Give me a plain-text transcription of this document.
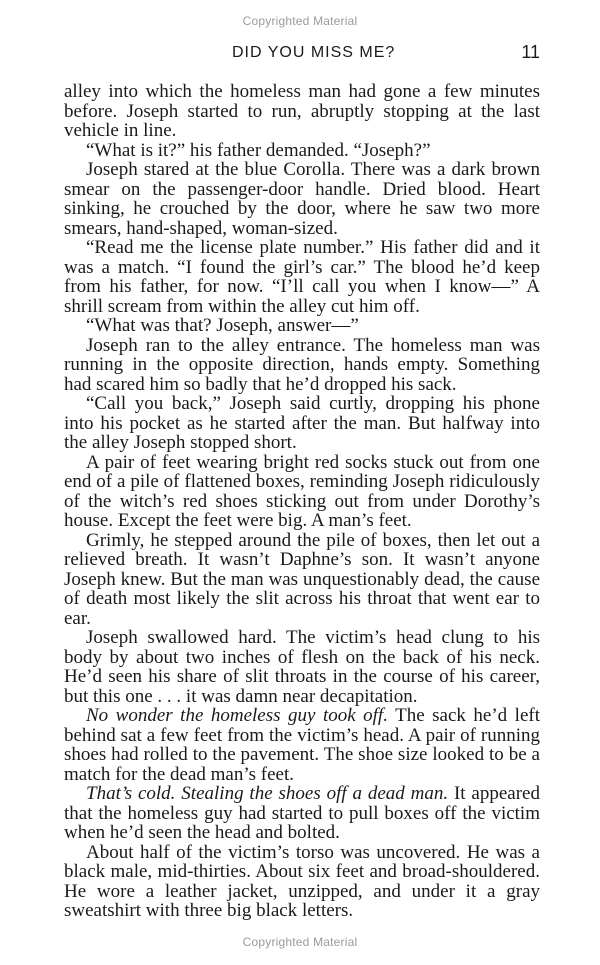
Copyrighted Material
DID YOU MISS ME?	11

alley into which the homeless man had gone a few minutes before. Joseph started to run, abruptly stopping at the last vehicle in line.

“What is it?” his father demanded. “Joseph?”

Joseph stared at the blue Corolla. There was a dark brown smear on the passenger-door handle. Dried blood. Heart sinking, he crouched by the door, where he saw two more smears, hand-shaped, woman-sized.

“Read me the license plate number.” His father did and it was a match. “I found the girl’s car.” The blood he’d keep from his father, for now. “I’ll call you when I know—” A shrill scream from within the alley cut him off.

“What was that? Joseph, answer—”

Joseph ran to the alley entrance. The homeless man was running in the opposite direction, hands empty. Something had scared him so badly that he’d dropped his sack.

“Call you back,” Joseph said curtly, dropping his phone into his pocket as he started after the man. But halfway into the alley Joseph stopped short.

A pair of feet wearing bright red socks stuck out from one end of a pile of flattened boxes, reminding Joseph ridiculously of the witch’s red shoes sticking out from under Dorothy’s house. Except the feet were big. A man’s feet.

Grimly, he stepped around the pile of boxes, then let out a relieved breath. It wasn’t Daphne’s son. It wasn’t anyone Joseph knew. But the man was unquestionably dead, the cause of death most likely the slit across his throat that went ear to ear.

Joseph swallowed hard. The victim’s head clung to his body by about two inches of flesh on the back of his neck. He’d seen his share of slit throats in the course of his career, but this one . . . it was damn near decapitation.

No wonder the homeless guy took off. The sack he’d left behind sat a few feet from the victim’s head. A pair of running shoes had rolled to the pavement. The shoe size looked to be a match for the dead man’s feet.

That’s cold. Stealing the shoes off a dead man. It appeared that the homeless guy had started to pull boxes off the victim when he’d seen the head and bolted.

About half of the victim’s torso was uncovered. He was a black male, mid-thirties. About six feet and broad-shouldered. He wore a leather jacket, unzipped, and under it a gray sweatshirt with three big black letters.

Copyrighted Material
